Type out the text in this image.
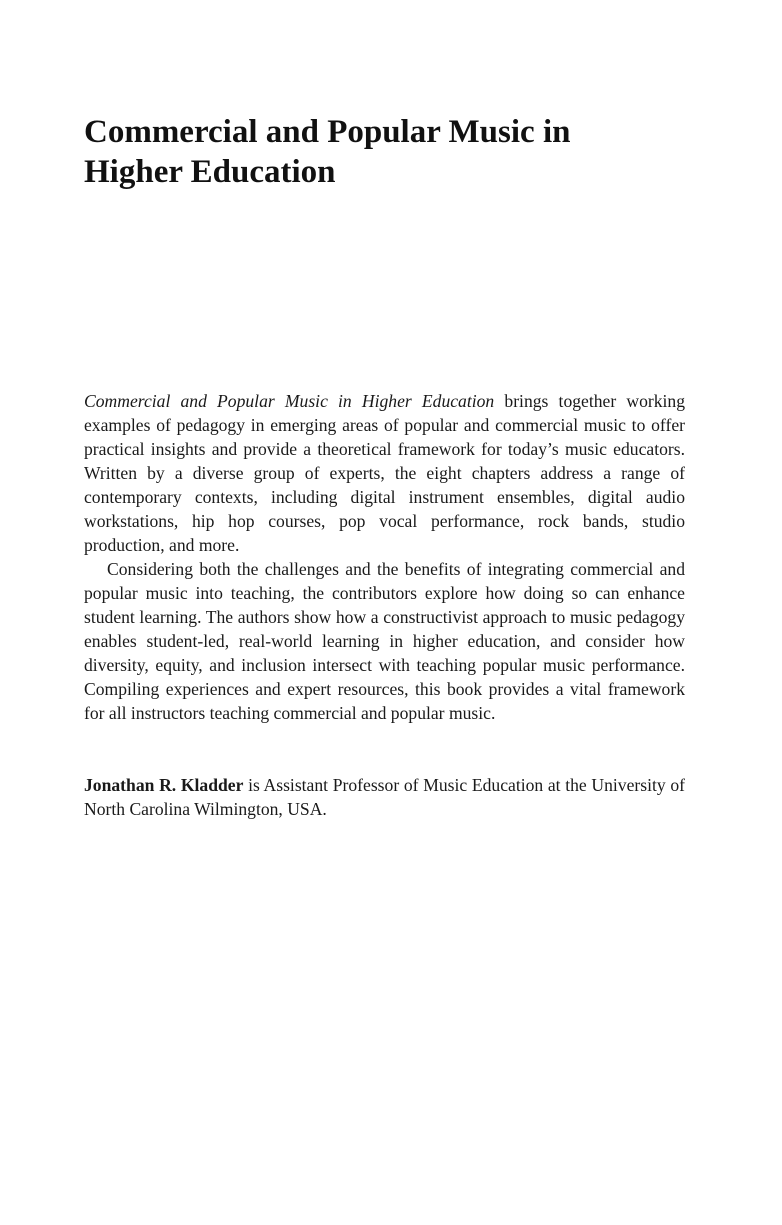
Commercial and Popular Music in
Higher Education

Commercial and Popular Music in Higher Education brings together working examples of pedagogy in emerging areas of popular and commercial music to offer practical insights and provide a theoretical framework for today’s music educators. Written by a diverse group of experts, the eight chapters address a range of contemporary contexts, including digital instrument ensembles, digital audio workstations, hip hop courses, pop vocal performance, rock bands, studio production, and more.

Considering both the challenges and the benefits of integrating commercial and popular music into teaching, the contributors explore how doing so can enhance student learning. The authors show how a constructivist approach to music pedagogy enables student-led, real-world learning in higher education, and consider how diversity, equity, and inclusion intersect with teaching popular music performance. Compiling experiences and expert resources, this book provides a vital framework for all instructors teaching commercial and popular music.

Jonathan R. Kladder is Assistant Professor of Music Education at the University of North Carolina Wilmington, USA.
